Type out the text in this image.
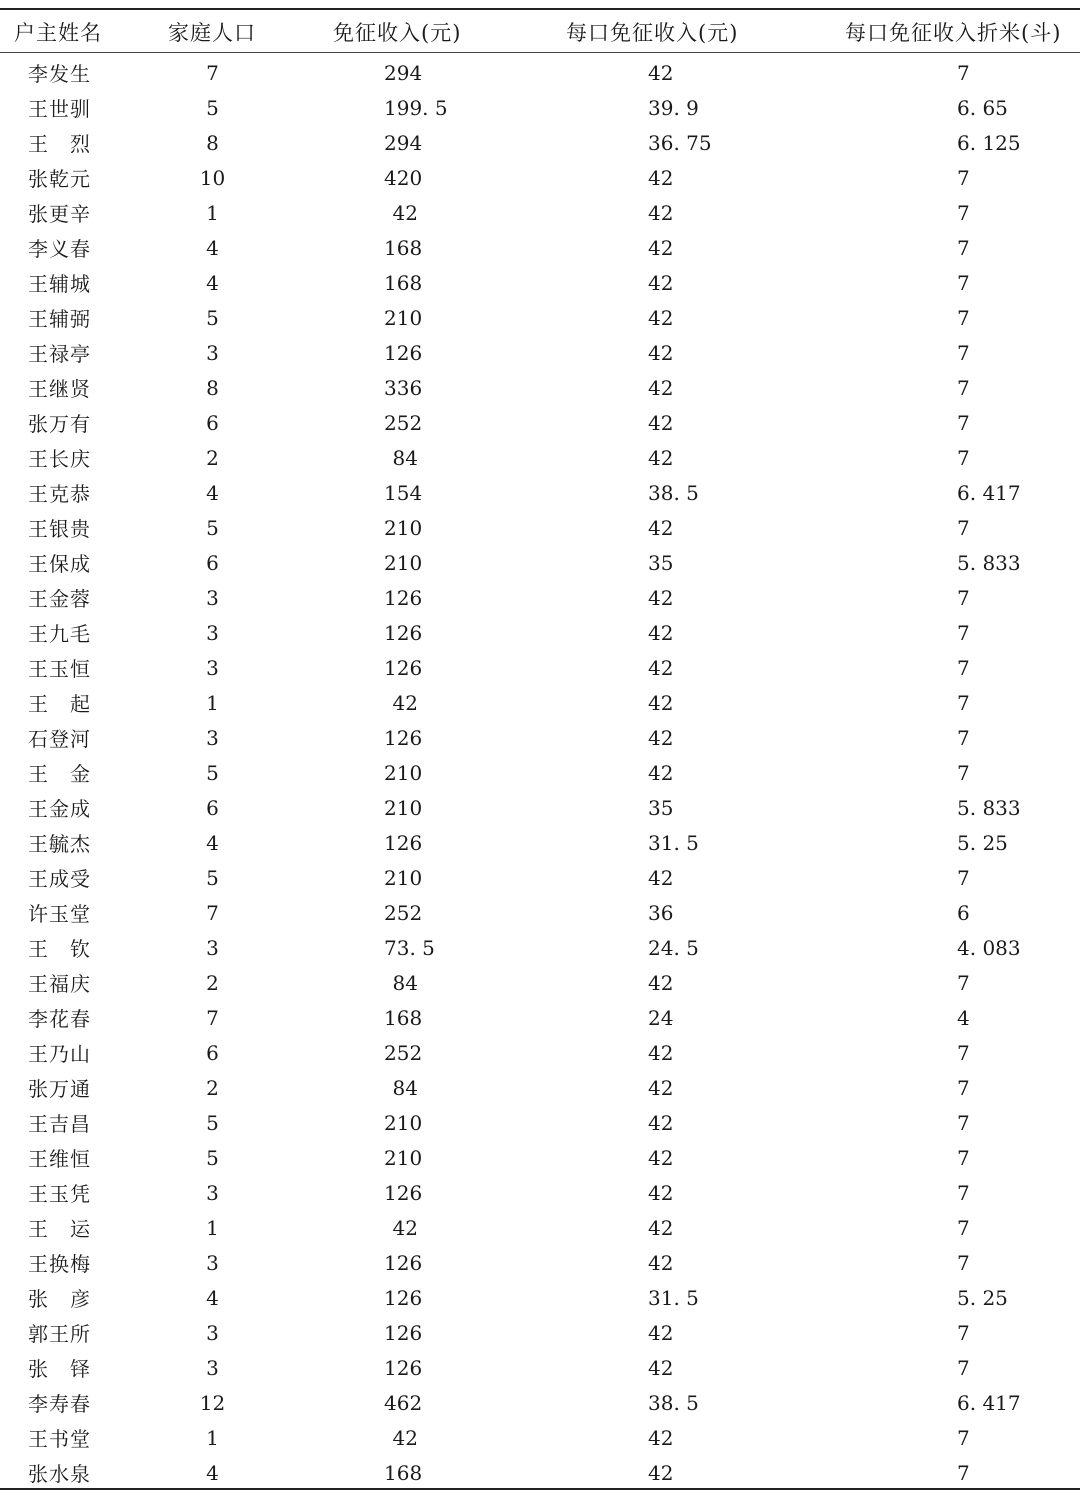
户主姓名	家庭人口	免征收入(元)	每口免征收入(元)	每口免征收入折米(斗)
李发生	7	294	42	7
王世驯	5	199. 5	39. 9	6. 65
王　烈	8	294	36. 75	6. 125
张乾元	10	420	42	7
张更辛	1	42	42	7
李义春	4	168	42	7
王辅城	4	168	42	7
王辅弼	5	210	42	7
王禄亭	3	126	42	7
王继贤	8	336	42	7
张万有	6	252	42	7
王长庆	2	84	42	7
王克恭	4	154	38. 5	6. 417
王银贵	5	210	42	7
王保成	6	210	35	5. 833
王金蓉	3	126	42	7
王九毛	3	126	42	7
王玉恒	3	126	42	7
王　起	1	42	42	7
石登河	3	126	42	7
王　金	5	210	42	7
王金成	6	210	35	5. 833
王毓杰	4	126	31. 5	5. 25
王成受	5	210	42	7
许玉堂	7	252	36	6
王　钦	3	73. 5	24. 5	4. 083
王福庆	2	84	42	7
李花春	7	168	24	4
王乃山	6	252	42	7
张万通	2	84	42	7
王吉昌	5	210	42	7
王维恒	5	210	42	7
王玉凭	3	126	42	7
王　运	1	42	42	7
王换梅	3	126	42	7
张　彦	4	126	31. 5	5. 25
郭王所	3	126	42	7
张　铎	3	126	42	7
李寿春	12	462	38. 5	6. 417
王书堂	1	42	42	7
张水泉	4	168	42	7
